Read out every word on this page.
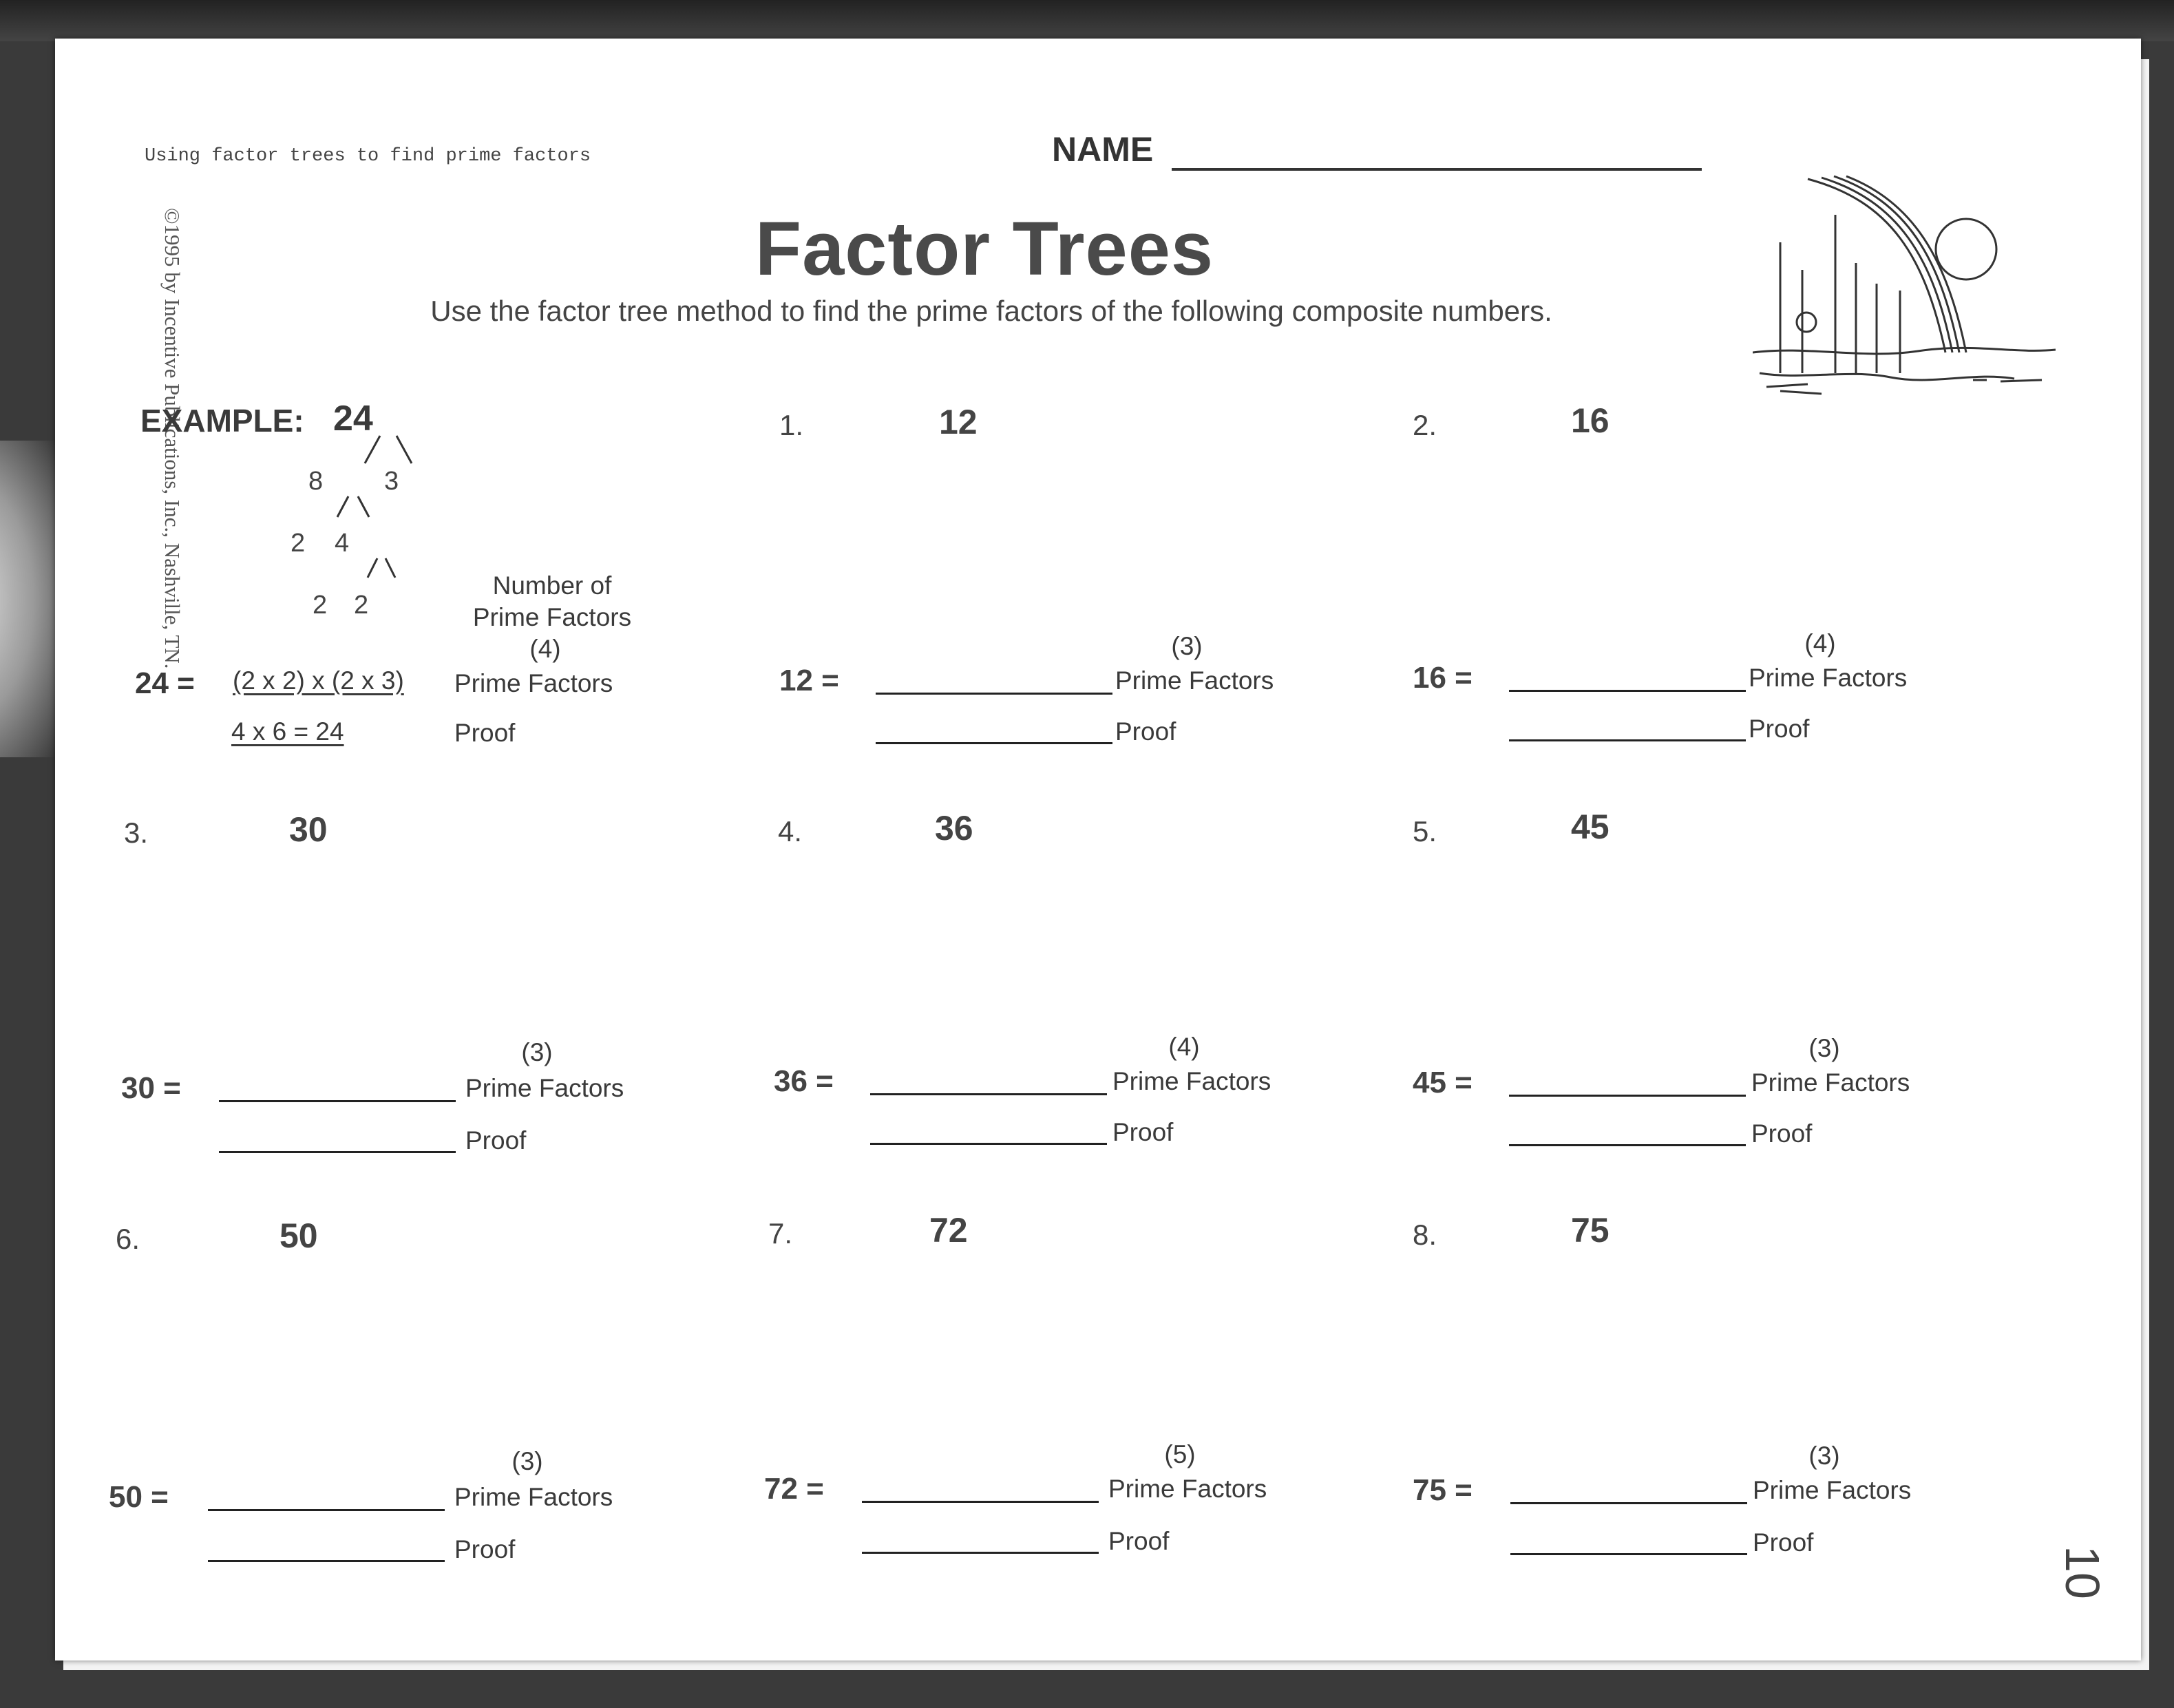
Using factor trees to find prime factors	NAME
Factor Trees
Use the factor tree method to find the prime factors of the following composite numbers.
©1995 by Incentive Publications, Inc., Nashville, TN.
EXAMPLE: 24
8 3
2 4
2 2
Number of
Prime Factors
(4)
24 = (2 x 2) x (2 x 3) Prime Factors
4 x 6 = 24	Proof
1.	12
(3)
12 =	Prime Factors
Proof
2.	16
(4)
16 =	Prime Factors
Proof
3.	30
(3)
30 =	Prime Factors
Proof
4.	36
(4)
36 =	Prime Factors
Proof
5.	45
(3)
45 =	Prime Factors
Proof
6.	50
(3)
50 =	Prime Factors
Proof
7.	72
(5)
72 =	Prime Factors
Proof
8.	75
(3)
75 =	Prime Factors
Proof
10
